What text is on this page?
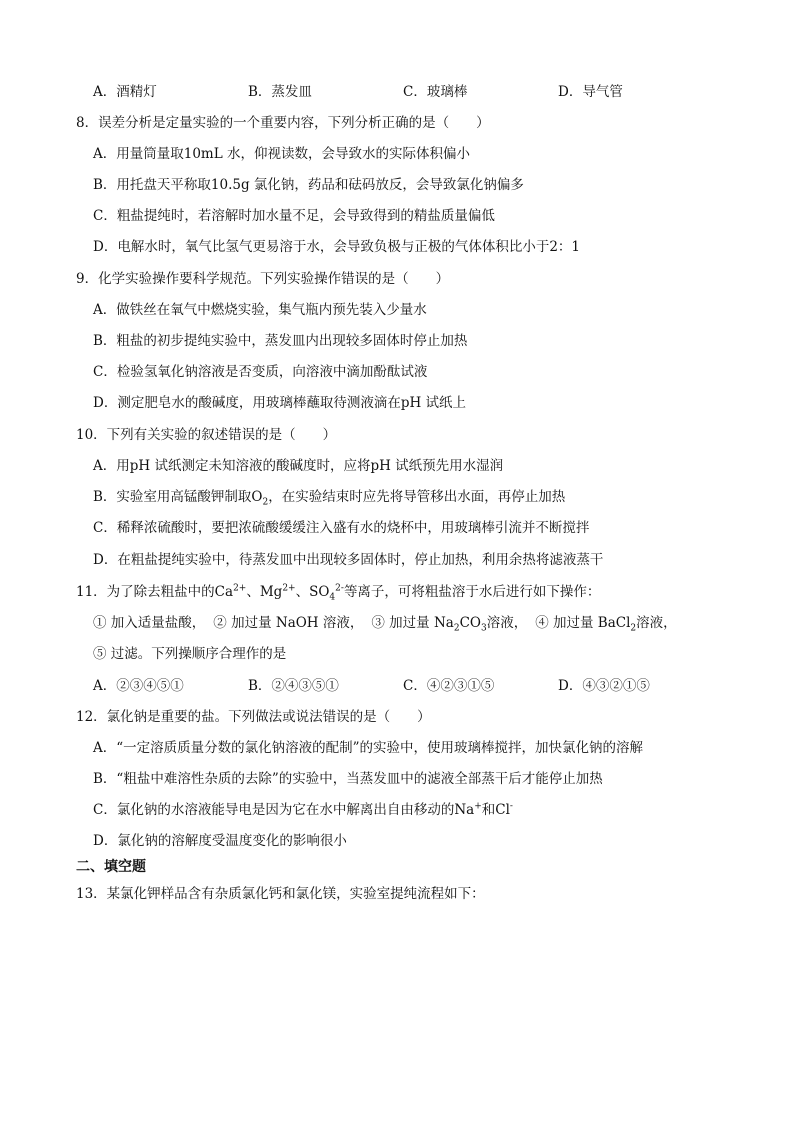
A．酒精灯	B．蒸发皿	C．玻璃棒	D．导气管
8．误差分析是定量实验的一个重要内容，下列分析正确的是（　　）
A．用量筒量取10mL 水，仰视读数，会导致水的实际体积偏小
B．用托盘天平称取10.5g 氯化钠，药品和砝码放反，会导致氯化钠偏多
C．粗盐提纯时，若溶解时加水量不足，会导致得到的精盐质量偏低
D．电解水时，氧气比氢气更易溶于水，会导致负极与正极的气体体积比小于2：1
9．化学实验操作要科学规范。下列实验操作错误的是（　　）
A．做铁丝在氧气中燃烧实验，集气瓶内预先装入少量水
B．粗盐的初步提纯实验中，蒸发皿内出现较多固体时停止加热
C．检验氢氧化钠溶液是否变质，向溶液中滴加酚酞试液
D．测定肥皂水的酸碱度，用玻璃棒蘸取待测液滴在pH 试纸上
10．下列有关实验的叙述错误的是（　　）
A．用pH 试纸测定未知溶液的酸碱度时，应将pH 试纸预先用水湿润
B．实验室用高锰酸钾制取$O_2$，在实验结束时应先将导管移出水面，再停止加热
C．稀释浓硫酸时，要把浓硫酸缓缓注入盛有水的烧杯中，用玻璃棒引流并不断搅拌
D．在粗盐提纯实验中，待蒸发皿中出现较多固体时，停止加热，利用余热将滤液蒸干
11．为了除去粗盐中的$Ca^{2+}$、$Mg^{2+}$、$SO_4^{2-}$等离子，可将粗盐溶于水后进行如下操作：
① 加入适量盐酸， ② 加过量 NaOH 溶液， ③ 加过量 $Na_2CO_3$溶液， ④ 加过量 BaCl$_2$溶液，
⑤ 过滤。下列操顺序合理作的是
A．②③④⑤①	B．②④③⑤①	C．④②③①⑤	D．④③②①⑤
12．氯化钠是重要的盐。下列做法或说法错误的是（　　）
A．“一定溶质质量分数的氯化钠溶液的配制”的实验中，使用玻璃棒搅拌，加快氯化钠的溶解
B．“粗盐中难溶性杂质的去除”的实验中，当蒸发皿中的滤液全部蒸干后才能停止加热
C．氯化钠的水溶液能导电是因为它在水中解离出自由移动的Na+和Cl-
D．氯化钠的溶解度受温度变化的影响很小
二、填空题
13．某氯化钾样品含有杂质氯化钙和氯化镁，实验室提纯流程如下：
